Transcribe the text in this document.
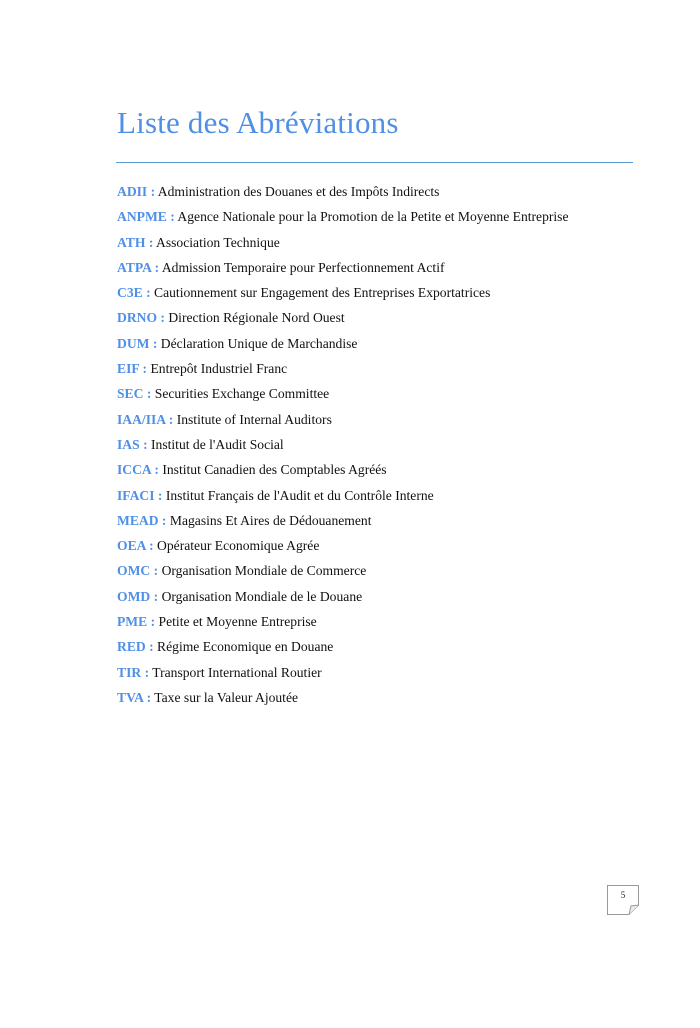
Liste des Abréviations
ADII : Administration des Douanes et des Impôts Indirects
ANPME : Agence Nationale pour la Promotion de la Petite et Moyenne Entreprise
ATH : Association Technique
ATPA : Admission Temporaire pour Perfectionnement Actif
C3E : Cautionnement sur Engagement des Entreprises Exportatrices
DRNO : Direction Régionale Nord Ouest
DUM : Déclaration Unique de Marchandise
EIF : Entrepôt Industriel Franc
SEC : Securities Exchange Committee
IAA/IIA : Institute of Internal Auditors
IAS : Institut de l'Audit Social
ICCA : Institut Canadien des Comptables Agréés
IFACI : Institut Français de l'Audit et du Contrôle Interne
MEAD : Magasins Et Aires de Dédouanement
OEA : Opérateur Economique Agrée
OMC : Organisation Mondiale de Commerce
OMD : Organisation Mondiale de le Douane
PME : Petite et Moyenne Entreprise
RED : Régime Economique en Douane
TIR : Transport International Routier
TVA : Taxe sur la Valeur Ajoutée
5
